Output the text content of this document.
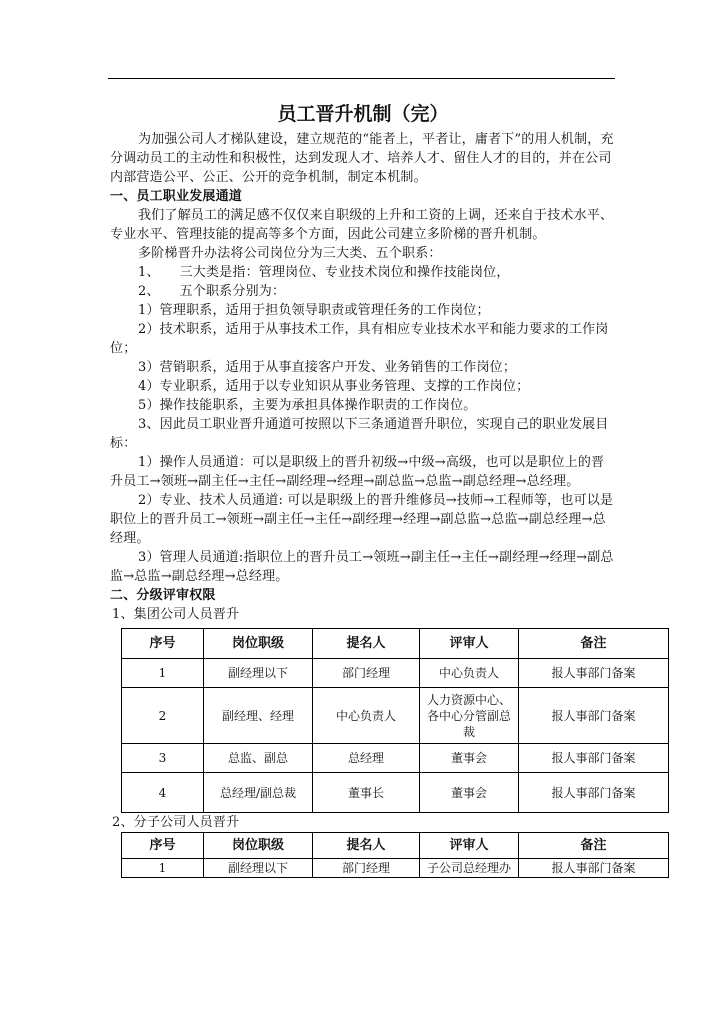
员工晋升机制（完）

为加强公司人才梯队建设，建立规范的“能者上，平者让，庸者下”的用人机制，充分调动员工的主动性和积极性，达到发现人才、培养人才、留住人才的目的，并在公司内部营造公平、公正、公开的竞争机制，制定本机制。

一、员工职业发展通道

我们了解员工的满足感不仅仅来自职级的上升和工资的上调，还来自于技术水平、专业水平、管理技能的提高等多个方面，因此公司建立多阶梯的晋升机制。

多阶梯晋升办法将公司岗位分为三大类、五个职系：

1、　　三大类是指：管理岗位、专业技术岗位和操作技能岗位，

2、　　五个职系分别为：

1）管理职系，适用于担负领导职责或管理任务的工作岗位；

2）技术职系，适用于从事技术工作，具有相应专业技术水平和能力要求的工作岗位；

3）营销职系，适用于从事直接客户开发、业务销售的工作岗位；

4）专业职系，适用于以专业知识从事业务管理、支撑的工作岗位；

5）操作技能职系，主要为承担具体操作职责的工作岗位。

3、因此员工职业晋升通道可按照以下三条通道晋升职位，实现自己的职业发展目标：

1）操作人员通道：可以是职级上的晋升初级→中级→高级，也可以是职位上的晋升员工→领班→副主任→主任→副经理→经理→副总监→总监→副总经理→总经理。

2）专业、技术人员通道: 可以是职级上的晋升维修员→技师→工程师等，也可以是职位上的晋升员工→领班→副主任→主任→副经理→经理→副总监→总监→副总经理→总经理。

3）管理人员通道:指职位上的晋升员工→领班→副主任→主任→副经理→经理→副总监→总监→副总经理→总经理。

二、分级评审权限

1、集团公司人员晋升

序号	岗位职级	提名人	评审人	备注
1	副经理以下	部门经理	中心负责人	报人事部门备案
2	副经理、经理	中心负责人	人力资源中心、各中心分管副总裁	报人事部门备案
3	总监、副总	总经理	董事会	报人事部门备案
4	总经理/副总裁	董事长	董事会	报人事部门备案

2、分子公司人员晋升

序号	岗位职级	提名人	评审人	备注
1	副经理以下	部门经理	子公司总经理办	报人事部门备案
